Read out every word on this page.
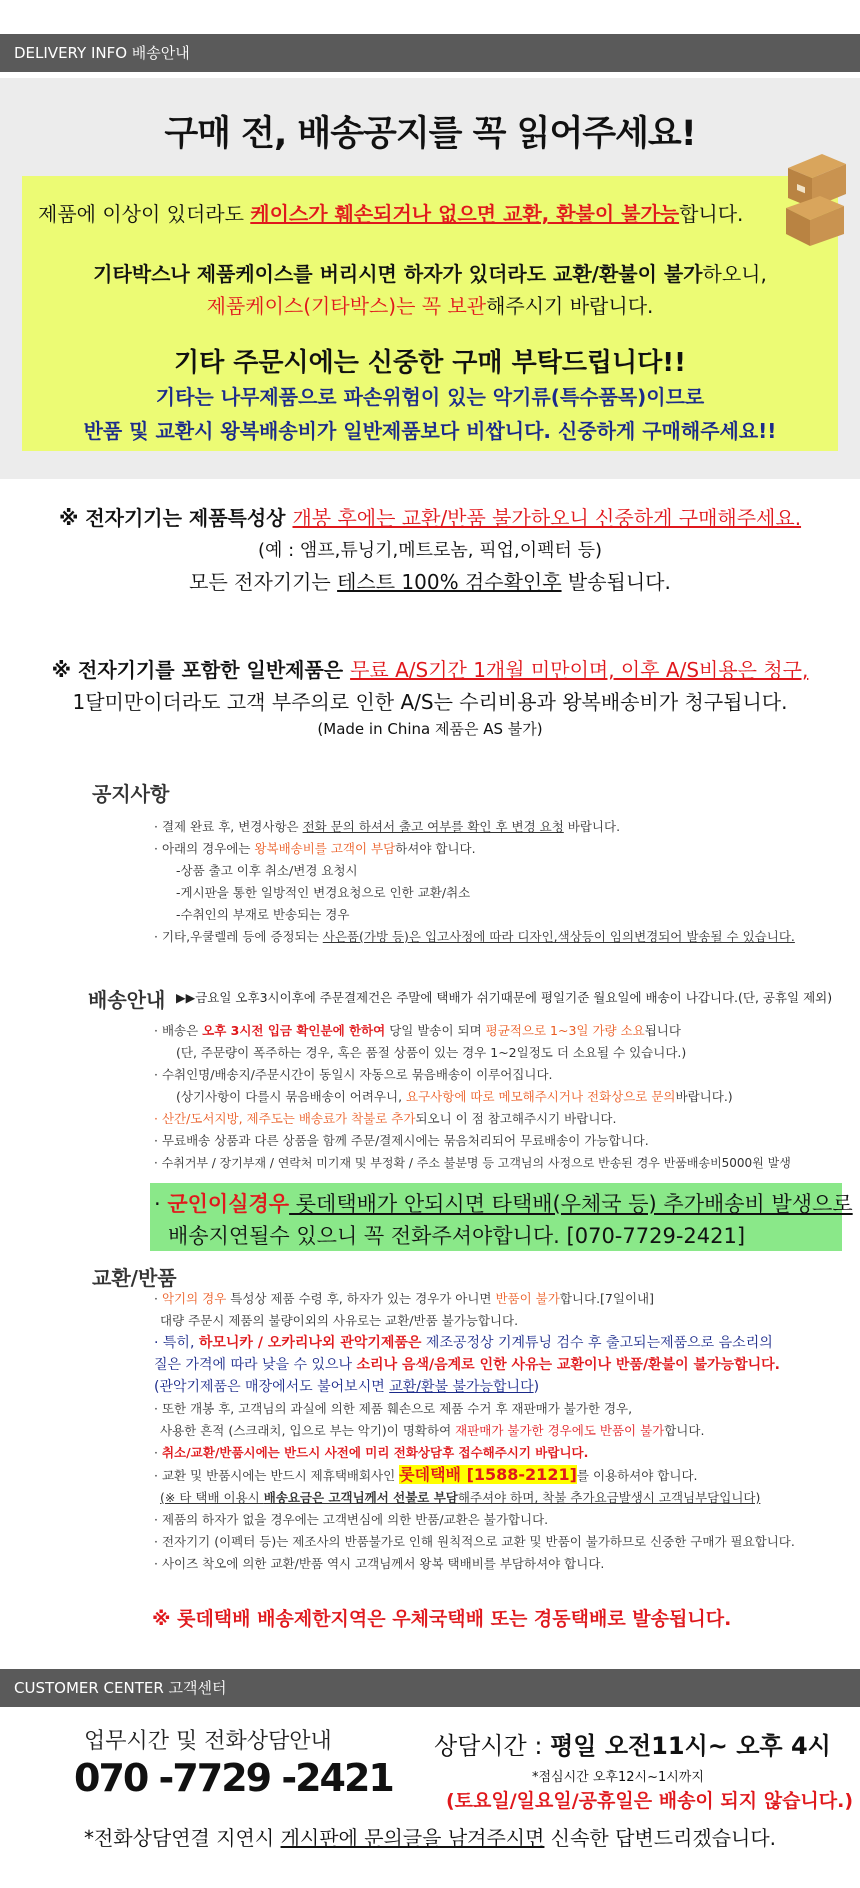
DELIVERY INFO 배송안내
구매 전, 배송공지를 꼭 읽어주세요!
제품에 이상이 있더라도 케이스가 훼손되거나 없으면 교환, 환불이 불가능합니다.
기타박스나 제품케이스를 버리시면 하자가 있더라도 교환/환불이 불가하오니,
제품케이스(기타박스)는 꼭 보관해주시기 바랍니다.
기타 주문시에는 신중한 구매 부탁드립니다!!
기타는 나무제품으로 파손위험이 있는 악기류(특수품목)이므로
반품 및 교환시 왕복배송비가 일반제품보다 비쌉니다. 신중하게 구매해주세요!!
※ 전자기기는 제품특성상 개봉 후에는 교환/반품 불가하오니 신중하게 구매해주세요.
(예 : 앰프,튜닝기,메트로놈, 픽업,이펙터 등)
모든 전자기기는 테스트 100% 검수확인후 발송됩니다.
※ 전자기기를 포함한 일반제품은 무료 A/S기간 1개월 미만이며, 이후 A/S비용은 청구,
1달미만이더라도 고객 부주의로 인한 A/S는 수리비용과 왕복배송비가 청구됩니다.
(Made in China 제품은 AS 불가)
공지사항
· 결제 완료 후, 변경사항은 전화 문의 하셔서 출고 여부를 확인 후 변경 요청 바랍니다.
· 아래의 경우에는 왕복배송비를 고객이 부담하셔야 합니다.
-상품 출고 이후 취소/변경 요청시
-게시판을 통한 일방적인 변경요청으로 인한 교환/취소
-수취인의 부재로 반송되는 경우
· 기타,우쿨렐레 등에 증정되는 사은품(가방 등)은 입고사정에 따라 디자인,색상등이 임의변경되어 발송될 수 있습니다.
배송안내 ▶▶금요일 오후3시이후에 주문결제건은 주말에 택배가 쉬기때문에 평일기준 월요일에 배송이 나갑니다.(단, 공휴일 제외)
· 배송은 오후 3시전 입금 확인분에 한하여 당일 발송이 되며 평균적으로 1~3일 가량 소요됩니다
(단, 주문량이 폭주하는 경우, 혹은 품절 상품이 있는 경우 1~2일정도 더 소요될 수 있습니다.)
· 수취인명/배송지/주문시간이 동일시 자동으로 묶음배송이 이루어집니다.
(상기사항이 다를시 묶음배송이 어려우니, 요구사항에 따로 메모해주시거나 전화상으로 문의바랍니다.)
· 산간/도서지방, 제주도는 배송료가 착불로 추가되오니 이 점 참고해주시기 바랍니다.
· 무료배송 상품과 다른 상품을 함께 주문/결제시에는 묶음처리되어 무료배송이 가능합니다.
· 수취거부 / 장기부재 / 연락처 미기재 및 부정확 / 주소 불분명 등 고객님의 사정으로 반송된 경우 반품배송비5000원 발생
· 군인이실경우 롯데택배가 안되시면 타택배(우체국 등) 추가배송비 발생으로
배송지연될수 있으니 꼭 전화주셔야합니다. [070-7729-2421]
교환/반품
· 악기의 경우 특성상 제품 수령 후, 하자가 있는 경우가 아니면 반품이 불가합니다.[7일이내]
대량 주문시 제품의 불량이외의 사유로는 교환/반품 불가능합니다.
· 특히, 하모니카 / 오카리나외 관악기제품은 제조공정상 기계튜닝 검수 후 출고되는제품으로 음소리의
질은 가격에 따라 낮을 수 있으나 소리나 음색/음계로 인한 사유는 교환이나 반품/환불이 불가능합니다.
(관악기제품은 매장에서도 불어보시면 교환/환불 불가능합니다)
· 또한 개봉 후, 고객님의 과실에 의한 제품 훼손으로 제품 수거 후 재판매가 불가한 경우,
사용한 흔적 (스크래치, 입으로 부는 악기)이 명확하여 재판매가 불가한 경우에도 반품이 불가합니다.
· 취소/교환/반품시에는 반드시 사전에 미리 전화상담후 접수해주시기 바랍니다.
· 교환 및 반품시에는 반드시 제휴택배회사인 롯데택배 [1588-2121]를 이용하셔야 합니다.
(※ 타 택배 이용시 배송요금은 고객님께서 선불로 부담해주셔야 하며, 착불 추가요금발생시 고객님부담입니다)
· 제품의 하자가 없을 경우에는 고객변심에 의한 반품/교환은 불가합니다.
· 전자기기 (이펙터 등)는 제조사의 반품불가로 인해 원칙적으로 교환 및 반품이 불가하므로 신중한 구매가 필요합니다.
· 사이즈 착오에 의한 교환/반품 역시 고객님께서 왕복 택배비를 부담하셔야 합니다.
※ 롯데택배 배송제한지역은 우체국택배 또는 경동택배로 발송됩니다.
CUSTOMER CENTER 고객센터
업무시간 및 전화상담안내
070 -7729 -2421
상담시간 : 평일 오전11시~ 오후 4시
*점심시간 오후12시~1시까지
(토요일/일요일/공휴일은 배송이 되지 않습니다.)
*전화상담연결 지연시 게시판에 문의글을 남겨주시면 신속한 답변드리겠습니다.
